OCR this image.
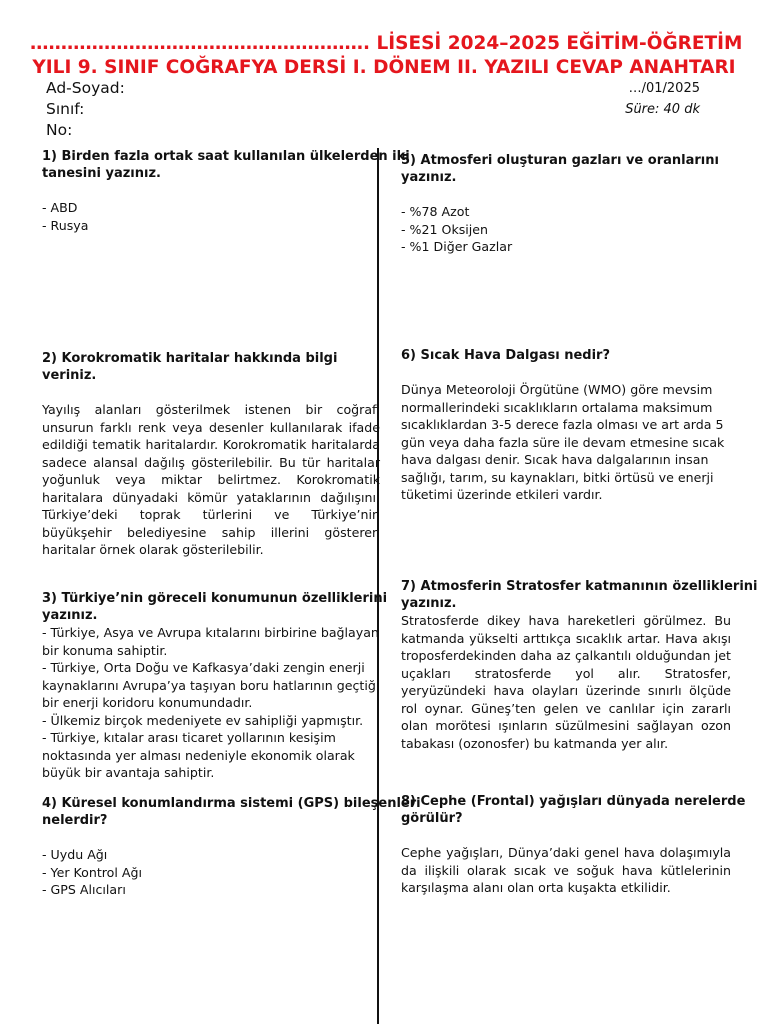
………………………………………………. LİSESİ 2024–2025 EĞİTİM-ÖĞRETİM
YILI 9. SINIF COĞRAFYA DERSİ I. DÖNEM II. YAZILI CEVAP ANAHTARI
Ad-Soyad:
Sınıf:
No:
…/01/2025
Süre: 40 dk
1) Birden fazla ortak saat kullanılan ülkelerden iki
tanesini yazınız.
- ABD
- Rusya
2) Korokromatik haritalar hakkında bilgi veriniz.
Yayılış alanları gösterilmek istenen bir coğrafi unsurun farklı renk veya desenler kullanılarak ifade edildiği tematik haritalardır. Korokromatik haritalarda sadece alansal dağılış gösterilebilir. Bu tür haritalar yoğunluk veya miktar belirtmez. Korokromatik haritalara dünyadaki kömür yataklarının dağılışını, Türkiye’deki toprak türlerini ve Türkiye’nin büyükşehir belediyesine sahip illerini gösteren haritalar örnek olarak gösterilebilir.
3) Türkiye’nin göreceli konumunun özelliklerini
yazınız.
- Türkiye, Asya ve Avrupa kıtalarını birbirine bağlayan
bir konuma sahiptir.
- Türkiye, Orta Doğu ve Kafkasya’daki zengin enerji
kaynaklarını Avrupa’ya taşıyan boru hatlarının geçtiği
bir enerji koridoru konumundadır.
- Ülkemiz birçok medeniyete ev sahipliği yapmıştır.
- Türkiye, kıtalar arası ticaret yollarının kesişim
noktasında yer alması nedeniyle ekonomik olarak
büyük bir avantaja sahiptir.
4) Küresel konumlandırma sistemi (GPS) bileşenleri
nelerdir?
- Uydu Ağı
- Yer Kontrol Ağı
- GPS Alıcıları
5) Atmosferi oluşturan gazları ve oranlarını yazınız.
- %78 Azot
- %21 Oksijen
- %1 Diğer Gazlar
6) Sıcak Hava Dalgası nedir?
Dünya Meteoroloji Örgütüne (WMO) göre mevsim
normallerindeki sıcaklıkların ortalama maksimum
sıcaklıklardan 3-5 derece fazla olması ve art arda 5
gün veya daha fazla süre ile devam etmesine sıcak
hava dalgası denir. Sıcak hava dalgalarının insan
sağlığı, tarım, su kaynakları, bitki örtüsü ve enerji
tüketimi üzerinde etkileri vardır.
7) Atmosferin Stratosfer katmanının özelliklerini
yazınız.
Stratosferde dikey hava hareketleri görülmez. Bu katmanda yükselti arttıkça sıcaklık artar. Hava akışı troposferdekinden daha az çalkantılı olduğundan jet uçakları stratosferde yol alır. Stratosfer, yeryüzündeki hava olayları üzerinde sınırlı ölçüde rol oynar. Güneş’ten gelen ve canlılar için zararlı olan morötesi ışınların süzülmesini sağlayan ozon tabakası (ozonosfer) bu katmanda yer alır.
8) Cephe (Frontal) yağışları dünyada nerelerde
görülür?
Cephe yağışları, Dünya’daki genel hava dolaşımıyla da ilişkili olarak sıcak ve soğuk hava kütlelerinin karşılaşma alanı olan orta kuşakta etkilidir.
